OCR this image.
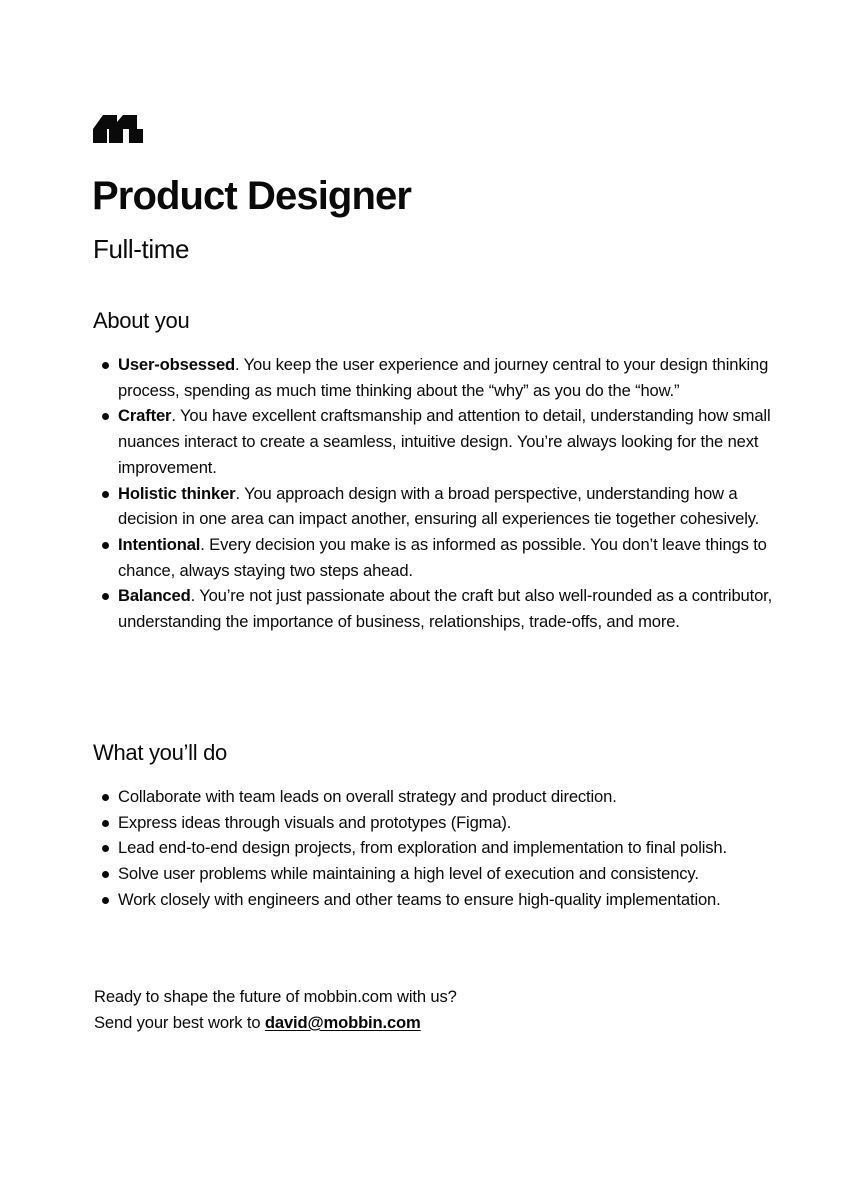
Product Designer

Full-time

About you
User-obsessed. You keep the user experience and journey central to your design thinking process, spending as much time thinking about the “why” as you do the “how.”
Crafter. You have excellent craftsmanship and attention to detail, understanding how small nuances interact to create a seamless, intuitive design. You’re always looking for the next improvement.
Holistic thinker. You approach design with a broad perspective, understanding how a decision in one area can impact another, ensuring all experiences tie together cohesively.
Intentional. Every decision you make is as informed as possible. You don’t leave things to chance, always staying two steps ahead.
Balanced. You’re not just passionate about the craft but also well-rounded as a contributor, understanding the importance of business, relationships, trade-offs, and more.
What you’ll do
Collaborate with team leads on overall strategy and product direction.
Express ideas through visuals and prototypes (Figma).
Lead end-to-end design projects, from exploration and implementation to final polish.
Solve user problems while maintaining a high level of execution and consistency.
Work closely with engineers and other teams to ensure high-quality implementation.
Ready to shape the future of mobbin.com with us?
Send your best work to david@mobbin.com
